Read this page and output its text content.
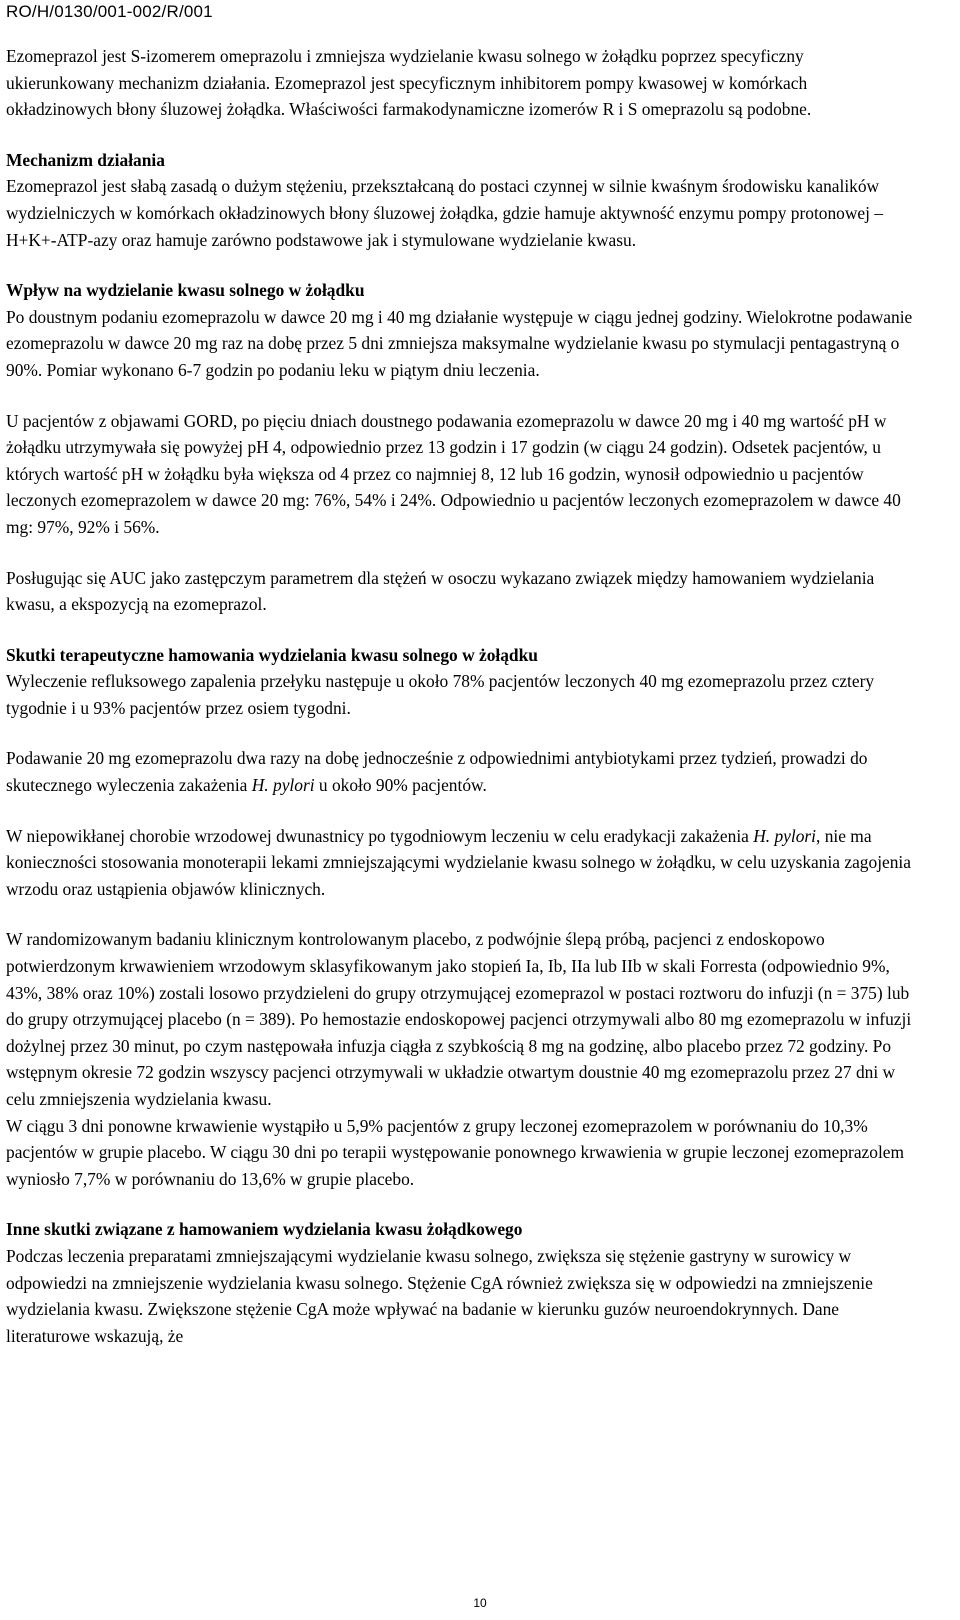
RO/H/0130/001-002/R/001
Ezomeprazol jest S-izomerem omeprazolu i zmniejsza wydzielanie kwasu solnego w żołądku poprzez specyficzny ukierunkowany mechanizm działania. Ezomeprazol jest specyficznym inhibitorem pompy kwasowej w komórkach okładzinowych błony śluzowej żołądka. Właściwości farmakodynamiczne izomerów R i S omeprazolu są podobne.
Mechanizm działania
Ezomeprazol jest słabą zasadą o dużym stężeniu, przekształcaną do postaci czynnej w silnie kwaśnym środowisku kanalików wydzielniczych w komórkach okładzinowych błony śluzowej żołądka, gdzie hamuje aktywność enzymu pompy protonowej – H+K+-ATP-azy oraz hamuje zarówno podstawowe jak i stymulowane wydzielanie kwasu.
Wpływ na wydzielanie kwasu solnego w żołądku
Po doustnym podaniu ezomeprazolu w dawce 20 mg i 40 mg działanie występuje w ciągu jednej godziny. Wielokrotne podawanie ezomeprazolu w dawce 20 mg raz na dobę przez 5 dni zmniejsza maksymalne wydzielanie kwasu po stymulacji pentagastryną o 90%. Pomiar wykonano 6-7 godzin po podaniu leku w piątym dniu leczenia.
U pacjentów z objawami GORD, po pięciu dniach doustnego podawania ezomeprazolu w dawce 20 mg i 40 mg wartość pH w żołądku utrzymywała się powyżej pH 4, odpowiednio przez 13 godzin i 17 godzin (w ciągu 24 godzin). Odsetek pacjentów, u których wartość pH w żołądku była większa od 4 przez co najmniej 8, 12 lub 16 godzin, wynosił odpowiednio u pacjentów leczonych ezomeprazolem w dawce 20 mg: 76%, 54% i 24%. Odpowiednio u pacjentów leczonych ezomeprazolem w dawce 40 mg: 97%, 92% i 56%.
Posługując się AUC jako zastępczym parametrem dla stężeń w osoczu wykazano związek między hamowaniem wydzielania kwasu, a ekspozycją na ezomeprazol.
Skutki terapeutyczne hamowania wydzielania kwasu solnego w żołądku
Wyleczenie refluksowego zapalenia przełyku następuje u około 78% pacjentów leczonych 40 mg ezomeprazolu przez cztery tygodnie i u 93% pacjentów przez osiem tygodni.
Podawanie 20 mg ezomeprazolu dwa razy na dobę jednocześnie z odpowiednimi antybiotykami przez tydzień, prowadzi do skutecznego wyleczenia zakażenia H. pylori u około 90% pacjentów.
W niepowikłanej chorobie wrzodowej dwunastnicy po tygodniowym leczeniu w celu eradykacji zakażenia H. pylori, nie ma konieczności stosowania monoterapii lekami zmniejszającymi wydzielanie kwasu solnego w żołądku, w celu uzyskania zagojenia wrzodu oraz ustąpienia objawów klinicznych.
W randomizowanym badaniu klinicznym kontrolowanym placebo, z podwójnie ślepą próbą, pacjenci z endoskopowo potwierdzonym krwawieniem wrzodowym sklasyfikowanym jako stopień Ia, Ib, IIa lub IIb w skali Forresta (odpowiednio 9%, 43%, 38% oraz 10%) zostali losowo przydzieleni do grupy otrzymującej ezomeprazol w postaci roztworu do infuzji (n = 375) lub do grupy otrzymującej placebo (n = 389). Po hemostazie endoskopowej pacjenci otrzymywali albo 80 mg ezomeprazolu w infuzji dożylnej przez 30 minut, po czym następowała infuzja ciągła z szybkością 8 mg na godzinę, albo placebo przez 72 godziny. Po wstępnym okresie 72 godzin wszyscy pacjenci otrzymywali w układzie otwartym doustnie 40 mg ezomeprazolu przez 27 dni w celu zmniejszenia wydzielania kwasu.
W ciągu 3 dni ponowne krwawienie wystąpiło u 5,9% pacjentów z grupy leczonej ezomeprazolem w porównaniu do 10,3% pacjentów w grupie placebo. W ciągu 30 dni po terapii występowanie ponownego krwawienia w grupie leczonej ezomeprazolem wyniosło 7,7% w porównaniu do 13,6% w grupie placebo.
Inne skutki związane z hamowaniem wydzielania kwasu żołądkowego
Podczas leczenia preparatami zmniejszającymi wydzielanie kwasu solnego, zwiększa się stężenie gastryny w surowicy w odpowiedzi na zmniejszenie wydzielania kwasu solnego. Stężenie CgA również zwiększa się w odpowiedzi na zmniejszenie wydzielania kwasu. Zwiększone stężenie CgA może wpływać na badanie w kierunku guzów neuroendokrynnych. Dane literaturowe wskazują, że
10
